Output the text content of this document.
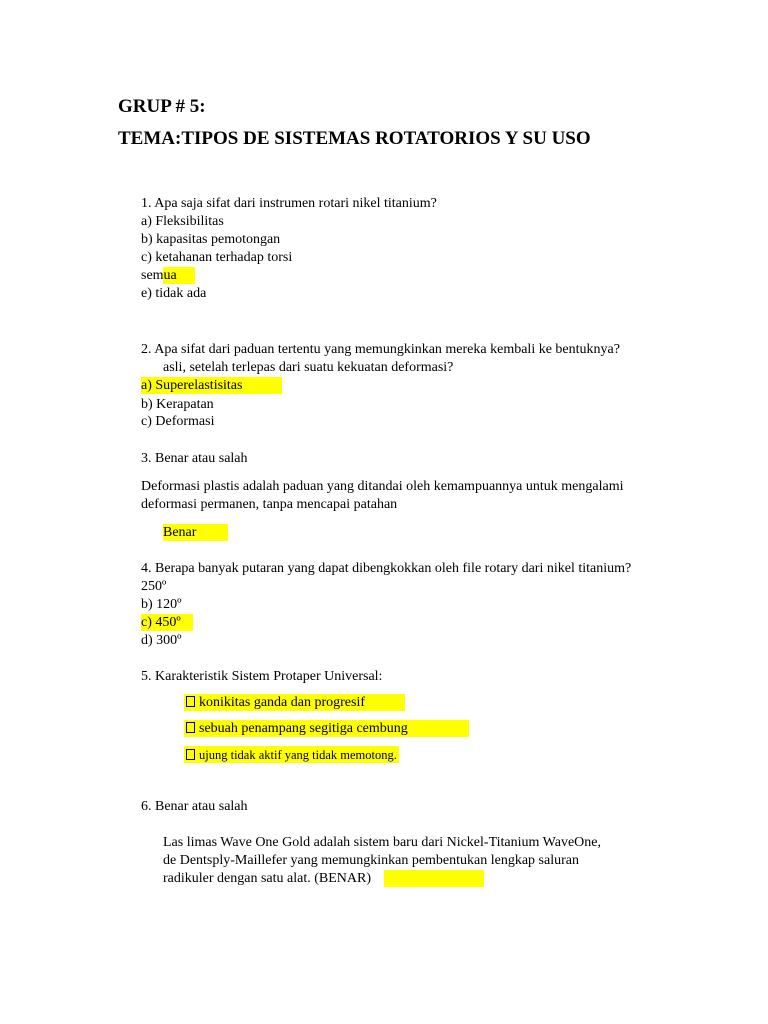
GRUP # 5:
TEMA:TIPOS DE SISTEMAS ROTATORIOS Y SU USO
1. Apa saja sifat dari instrumen rotari nikel titanium?
a) Fleksibilitas
b) kapasitas pemotongan
c) ketahanan terhadap torsi
semua
e) tidak ada
2. Apa sifat dari paduan tertentu yang memungkinkan mereka kembali ke bentuknya?
asli, setelah terlepas dari suatu kekuatan deformasi?
a) Superelastisitas
b) Kerapatan
c) Deformasi
3. Benar atau salah
Deformasi plastis adalah paduan yang ditandai oleh kemampuannya untuk mengalami
deformasi permanen, tanpa mencapai patahan
Benar
4. Berapa banyak putaran yang dapat dibengkokkan oleh file rotary dari nikel titanium?
250º
b) 120º
c) 450º
d) 300º
5. Karakteristik Sistem Protaper Universal:
konikitas ganda dan progresif
sebuah penampang segitiga cembung
ujung tidak aktif yang tidak memotong.
6. Benar atau salah
Las limas Wave One Gold adalah sistem baru dari Nickel-Titanium WaveOne,
de Dentsply-Maillefer yang memungkinkan pembentukan lengkap saluran
radikuler dengan satu alat. (BENAR)
